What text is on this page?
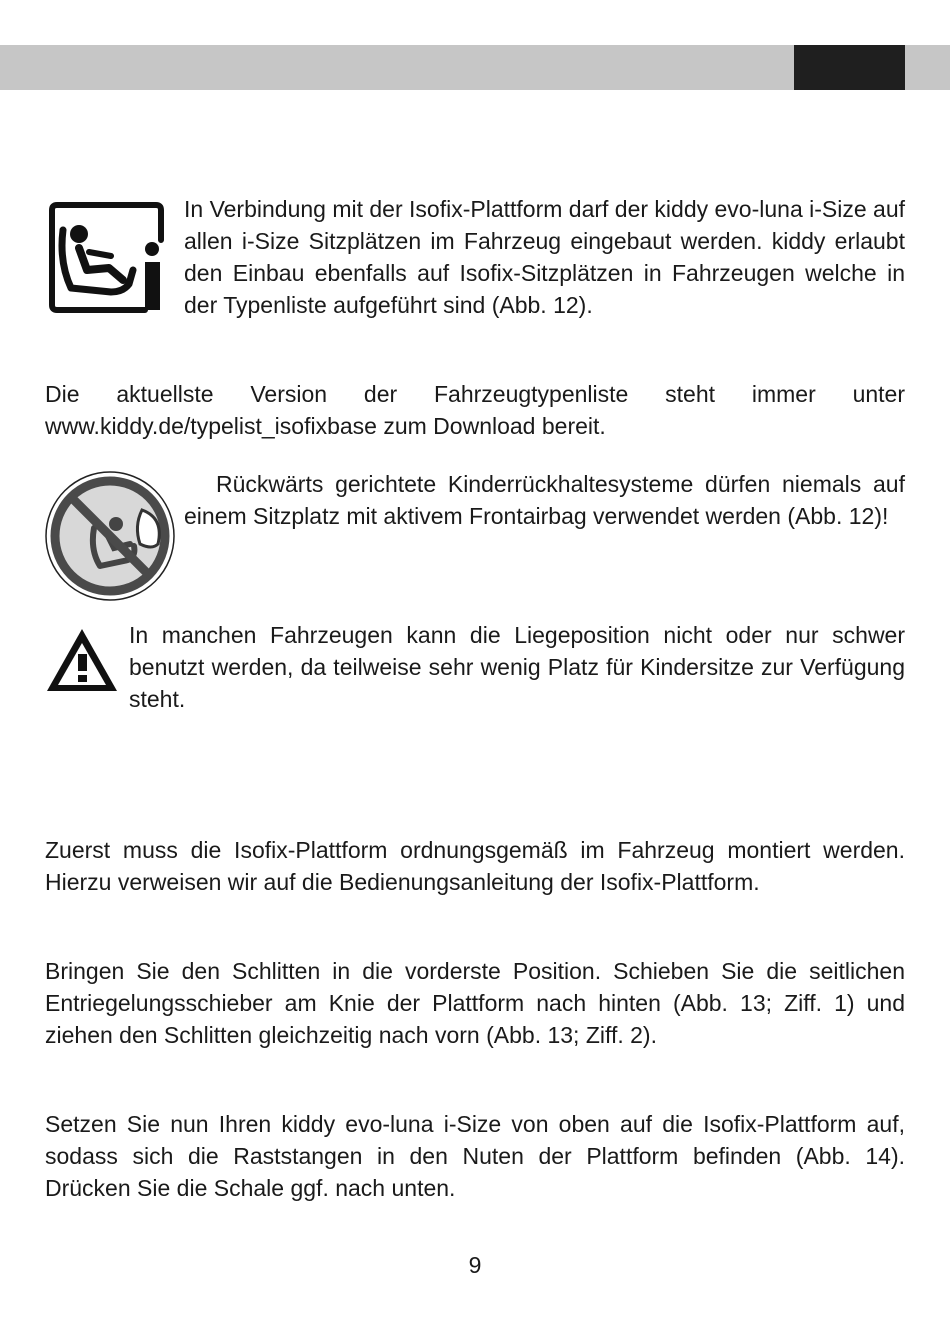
In Verbindung mit der Isofix-Plattform darf der kiddy evo-luna i-Size auf allen i-Size Sitzplätzen im Fahrzeug eingebaut werden. kiddy erlaubt den Einbau ebenfalls auf Isofix-Sitzplätzen in Fahrzeugen welche in der Typenliste aufgeführt sind (Abb. 12).

Die aktuellste Version der Fahrzeugtypenliste steht immer unter www.kiddy.de/typelist_isofixbase zum Download bereit.

Rückwärts gerichtete Kinderrückhaltesysteme dürfen niemals auf einem Sitzplatz mit aktivem Frontairbag verwendet werden (Abb. 12)!

In manchen Fahrzeugen kann die Liegeposition nicht oder nur schwer benutzt werden, da teilweise sehr wenig Platz für Kindersitze zur Verfügung steht.

Zuerst muss die Isofix-Plattform ordnungsgemäß im Fahrzeug montiert werden. Hierzu verweisen wir auf die Bedienungsanleitung der Isofix-Plattform.

Bringen Sie den Schlitten in die vorderste Position. Schieben Sie die seitlichen Entriegelungsschieber am Knie der Plattform nach hinten (Abb. 13; Ziff. 1) und ziehen den Schlitten gleichzeitig nach vorn (Abb. 13; Ziff. 2).

Setzen Sie nun Ihren kiddy evo-luna i-Size von oben auf die Isofix-Plattform auf, sodass sich die Raststangen in den Nuten der Plattform befinden (Abb. 14). Drücken Sie die Schale ggf. nach unten.

9
